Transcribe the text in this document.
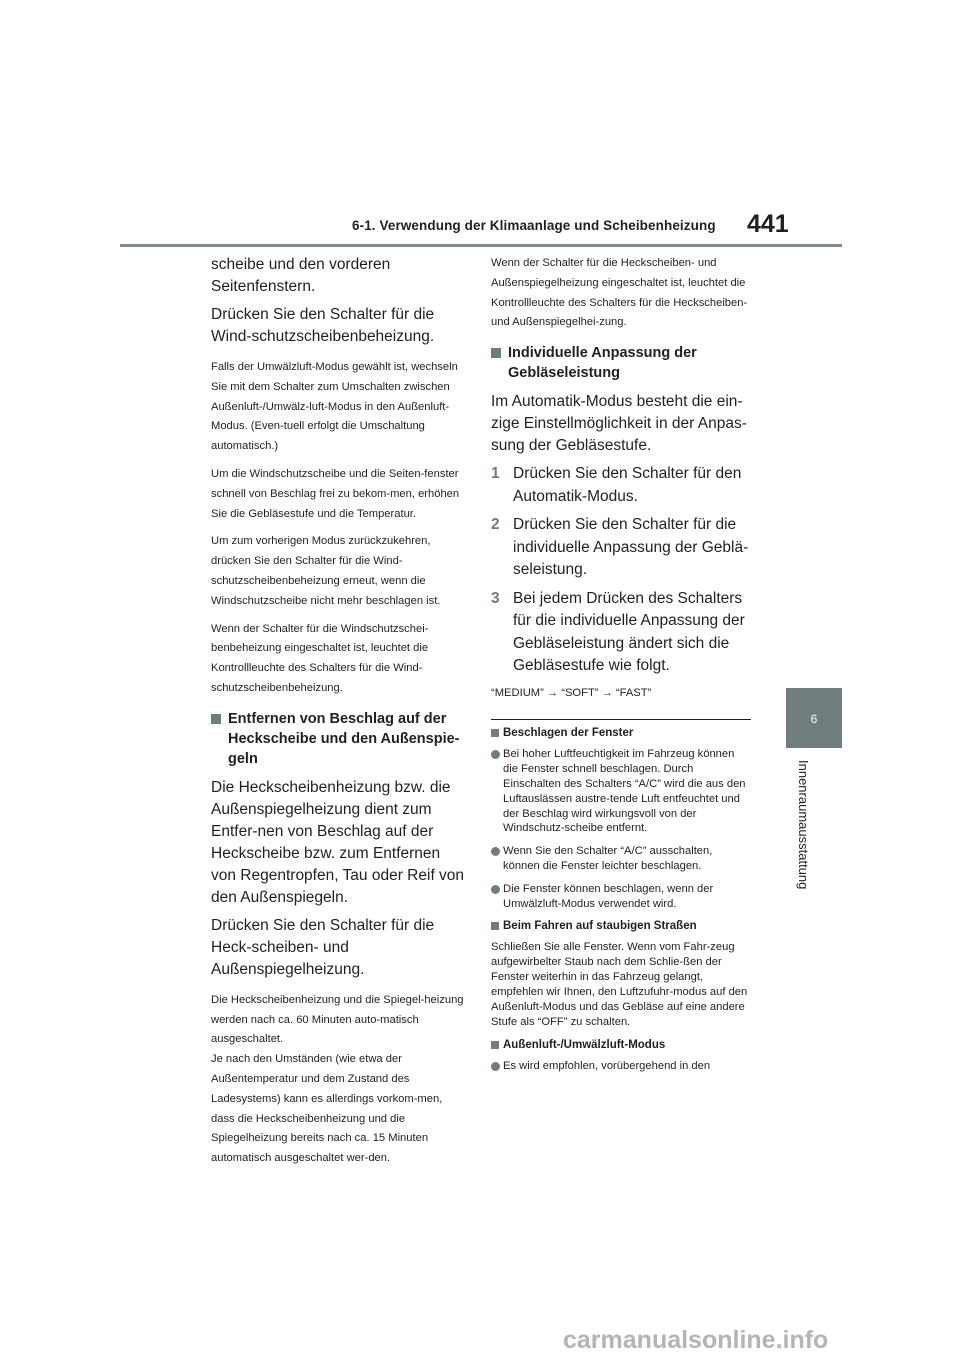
6-1. Verwendung der Klimaanlage und Scheibenheizung 441
6
Innenraumausstattung
scheibe und den vorderen Seitenfenstern.
Drücken Sie den Schalter für die Wind-schutzscheibenbeheizung.
Falls der Umwälzluft-Modus gewählt ist, wechseln Sie mit dem Schalter zum Umschalten zwischen Außenluft-/Umwälz-luft-Modus in den Außenluft-Modus. (Even-tuell erfolgt die Umschaltung automatisch.)
Um die Windschutzscheibe und die Seiten-fenster schnell von Beschlag frei zu bekom-men, erhöhen Sie die Gebläsestufe und die Temperatur.
Um zum vorherigen Modus zurückzukehren, drücken Sie den Schalter für die Wind-schutzscheibenbeheizung erneut, wenn die Windschutzscheibe nicht mehr beschlagen ist.
Wenn der Schalter für die Windschutzschei-benbeheizung eingeschaltet ist, leuchtet die Kontrollleuchte des Schalters für die Wind-schutzscheibenbeheizung.
Entfernen von Beschlag auf der Heckscheibe und den Außenspie-geln
Die Heckscheibenheizung bzw. die Außenspiegelheizung dient zum Entfer-nen von Beschlag auf der Heckscheibe bzw. zum Entfernen von Regentropfen, Tau oder Reif von den Außenspiegeln.
Drücken Sie den Schalter für die Heck-scheiben- und Außenspiegelheizung.
Die Heckscheibenheizung und die Spiegel-heizung werden nach ca. 60 Minuten auto-matisch ausgeschaltet.
Je nach den Umständen (wie etwa der Außentemperatur und dem Zustand des Ladesystems) kann es allerdings vorkom-men, dass die Heckscheibenheizung und die Spiegelheizung bereits nach ca. 15 Minuten automatisch ausgeschaltet wer-den.
Wenn der Schalter für die Heckscheiben- und Außenspiegelheizung eingeschaltet ist, leuchtet die Kontrollleuchte des Schalters für die Heckscheiben- und Außenspiegelhei-zung.
Individuelle Anpassung der Gebläseleistung
Im Automatik-Modus besteht die ein-zige Einstellmöglichkeit in der Anpas-sung der Gebläsestufe.
1 Drücken Sie den Schalter für den Automatik-Modus.
2 Drücken Sie den Schalter für die individuelle Anpassung der Geblä-seleistung.
3 Bei jedem Drücken des Schalters für die individuelle Anpassung der Gebläseleistung ändert sich die Gebläsestufe wie folgt.
“MEDIUM” → “SOFT” → “FAST”
Beschlagen der Fenster
Bei hoher Luftfeuchtigkeit im Fahrzeug können die Fenster schnell beschlagen. Durch Einschalten des Schalters “A/C” wird die aus den Luftauslässen austre-tende Luft entfeuchtet und der Beschlag wird wirkungsvoll von der Windschutz-scheibe entfernt.
Wenn Sie den Schalter “A/C” ausschalten, können die Fenster leichter beschlagen.
Die Fenster können beschlagen, wenn der Umwälzluft-Modus verwendet wird.
Beim Fahren auf staubigen Straßen
Schließen Sie alle Fenster. Wenn vom Fahr-zeug aufgewirbelter Staub nach dem Schlie-ßen der Fenster weiterhin in das Fahrzeug gelangt, empfehlen wir Ihnen, den Luftzufuhr-modus auf den Außenluft-Modus und das Gebläse auf eine andere Stufe als “OFF” zu schalten.
Außenluft-/Umwälzluft-Modus
Es wird empfohlen, vorübergehend in den
carmanualsonline.info
